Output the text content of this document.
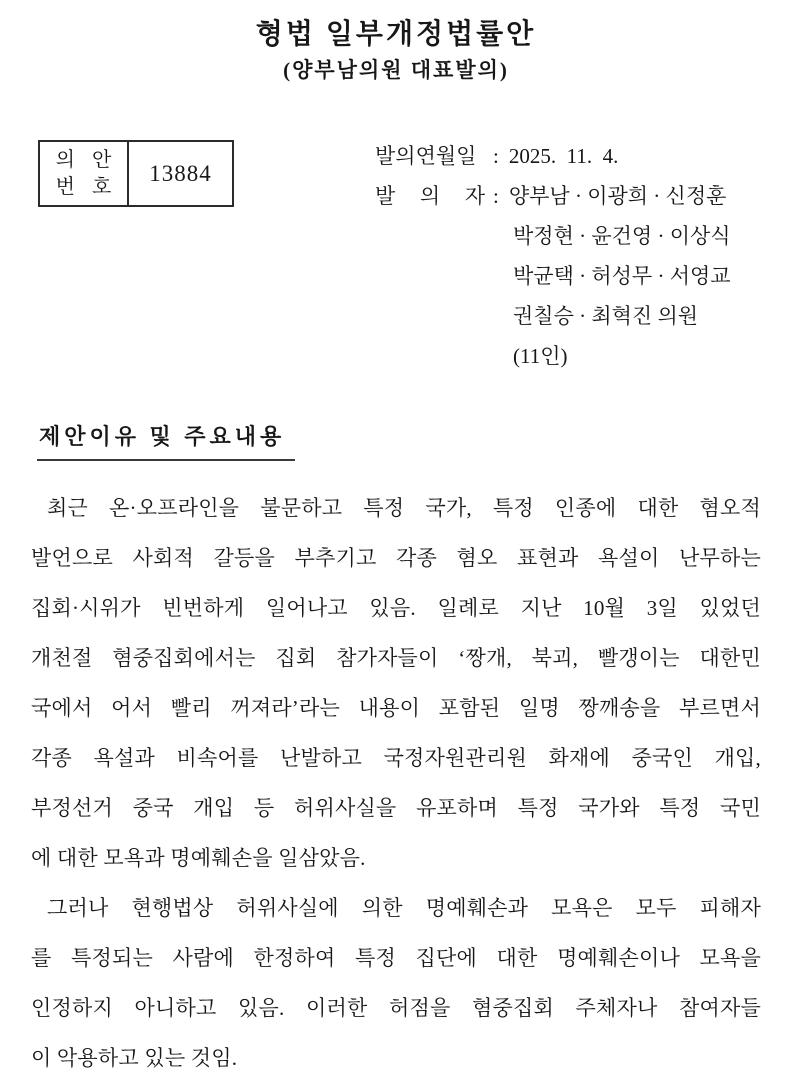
형법 일부개정법률안
(양부남의원 대표발의)
의 안
번 호
13884
발의연월일 : 2025.  11.  4.
발 의 자 : 양부남 · 이광희 · 신정훈
박정현 · 윤건영 · 이상식
박균택 · 허성무 · 서영교
권칠승 · 최혁진 의원
(11인)
제안이유 및 주요내용
최근 온·오프라인을 불문하고 특정 국가, 특정 인종에 대한 혐오적
발언으로 사회적 갈등을 부추기고 각종 혐오 표현과 욕설이 난무하는
집회·시위가 빈번하게 일어나고 있음. 일례로 지난 10월 3일 있었던
개천절 혐중집회에서는 집회 참가자들이 ‘짱개, 북괴, 빨갱이는 대한민
국에서 어서 빨리 꺼져라’라는 내용이 포함된 일명 짱깨송을 부르면서
각종 욕설과 비속어를 난발하고 국정자원관리원 화재에 중국인 개입,
부정선거 중국 개입 등 허위사실을 유포하며 특정 국가와 특정 국민
에 대한 모욕과 명예훼손을 일삼았음.
그러나 현행법상 허위사실에 의한 명예훼손과 모욕은 모두 피해자
를 특정되는 사람에 한정하여 특정 집단에 대한 명예훼손이나 모욕을
인정하지 아니하고 있음. 이러한 허점을 혐중집회 주체자나 참여자들
이 악용하고 있는 것임.
